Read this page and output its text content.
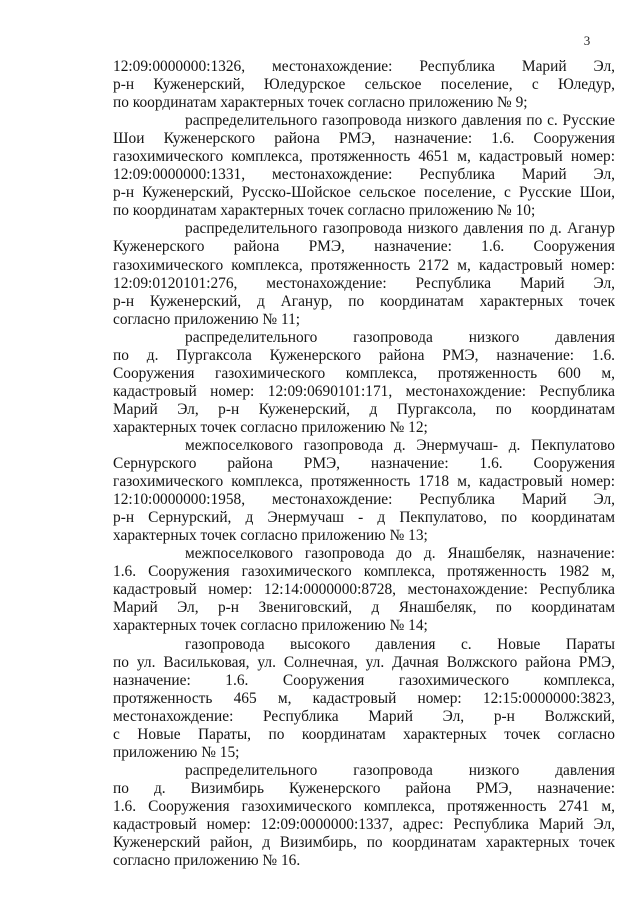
3
12:09:0000000:1326, местонахождение: Республика Марий Эл,
р-н Куженерский, Юледурское сельское поселение, с Юледур,
по координатам характерных точек согласно приложению № 9;
распределительного газопровода низкого давления по с. Русские
Шои Куженерского района РМЭ, назначение: 1.6. Сооружения
газохимического комплекса, протяженность 4651 м, кадастровый номер:
12:09:0000000:1331, местонахождение: Республика Марий Эл,
р-н Куженерский, Русско-Шойское сельское поселение, с Русские Шои,
по координатам характерных точек согласно приложению № 10;
распределительного газопровода низкого давления по д. Аганур
Куженерского района РМЭ, назначение: 1.6. Сооружения
газохимического комплекса, протяженность 2172 м, кадастровый номер:
12:09:0120101:276, местонахождение: Республика Марий Эл,
р-н Куженерский, д Аганур, по координатам характерных точек
согласно приложению № 11;
распределительного газопровода низкого давления
по д. Пургаксола Куженерского района РМЭ, назначение: 1.6.
Сооружения газохимического комплекса, протяженность 600 м,
кадастровый номер: 12:09:0690101:171, местонахождение: Республика
Марий Эл, р-н Куженерский, д Пургаксола, по координатам
характерных точек согласно приложению № 12;
межпоселкового газопровода д. Энермучаш- д. Пекпулатово
Сернурского района РМЭ, назначение: 1.6. Сооружения
газохимического комплекса, протяженность 1718 м, кадастровый номер:
12:10:0000000:1958, местонахождение: Республика Марий Эл,
р-н Сернурский, д Энермучаш - д Пекпулатово, по координатам
характерных точек согласно приложению № 13;
межпоселкового газопровода до д. Янашбеляк, назначение:
1.6. Сооружения газохимического комплекса, протяженность 1982 м,
кадастровый номер: 12:14:0000000:8728, местонахождение: Республика
Марий Эл, р-н Звениговский, д Янашбеляк, по координатам
характерных точек согласно приложению № 14;
газопровода высокого давления с. Новые Параты
по ул. Васильковая, ул. Солнечная, ул. Дачная Волжского района РМЭ,
назначение: 1.6. Сооружения газохимического комплекса,
протяженность 465 м, кадастровый номер: 12:15:0000000:3823,
местонахождение: Республика Марий Эл, р-н Волжский,
с Новые Параты, по координатам характерных точек согласно
приложению № 15;
распределительного газопровода низкого давления
по д. Визимбирь Куженерского района РМЭ, назначение:
1.6. Сооружения газохимического комплекса, протяженность 2741 м,
кадастровый номер: 12:09:0000000:1337, адрес: Республика Марий Эл,
Куженерский район, д Визимбирь, по координатам характерных точек
согласно приложению № 16.
